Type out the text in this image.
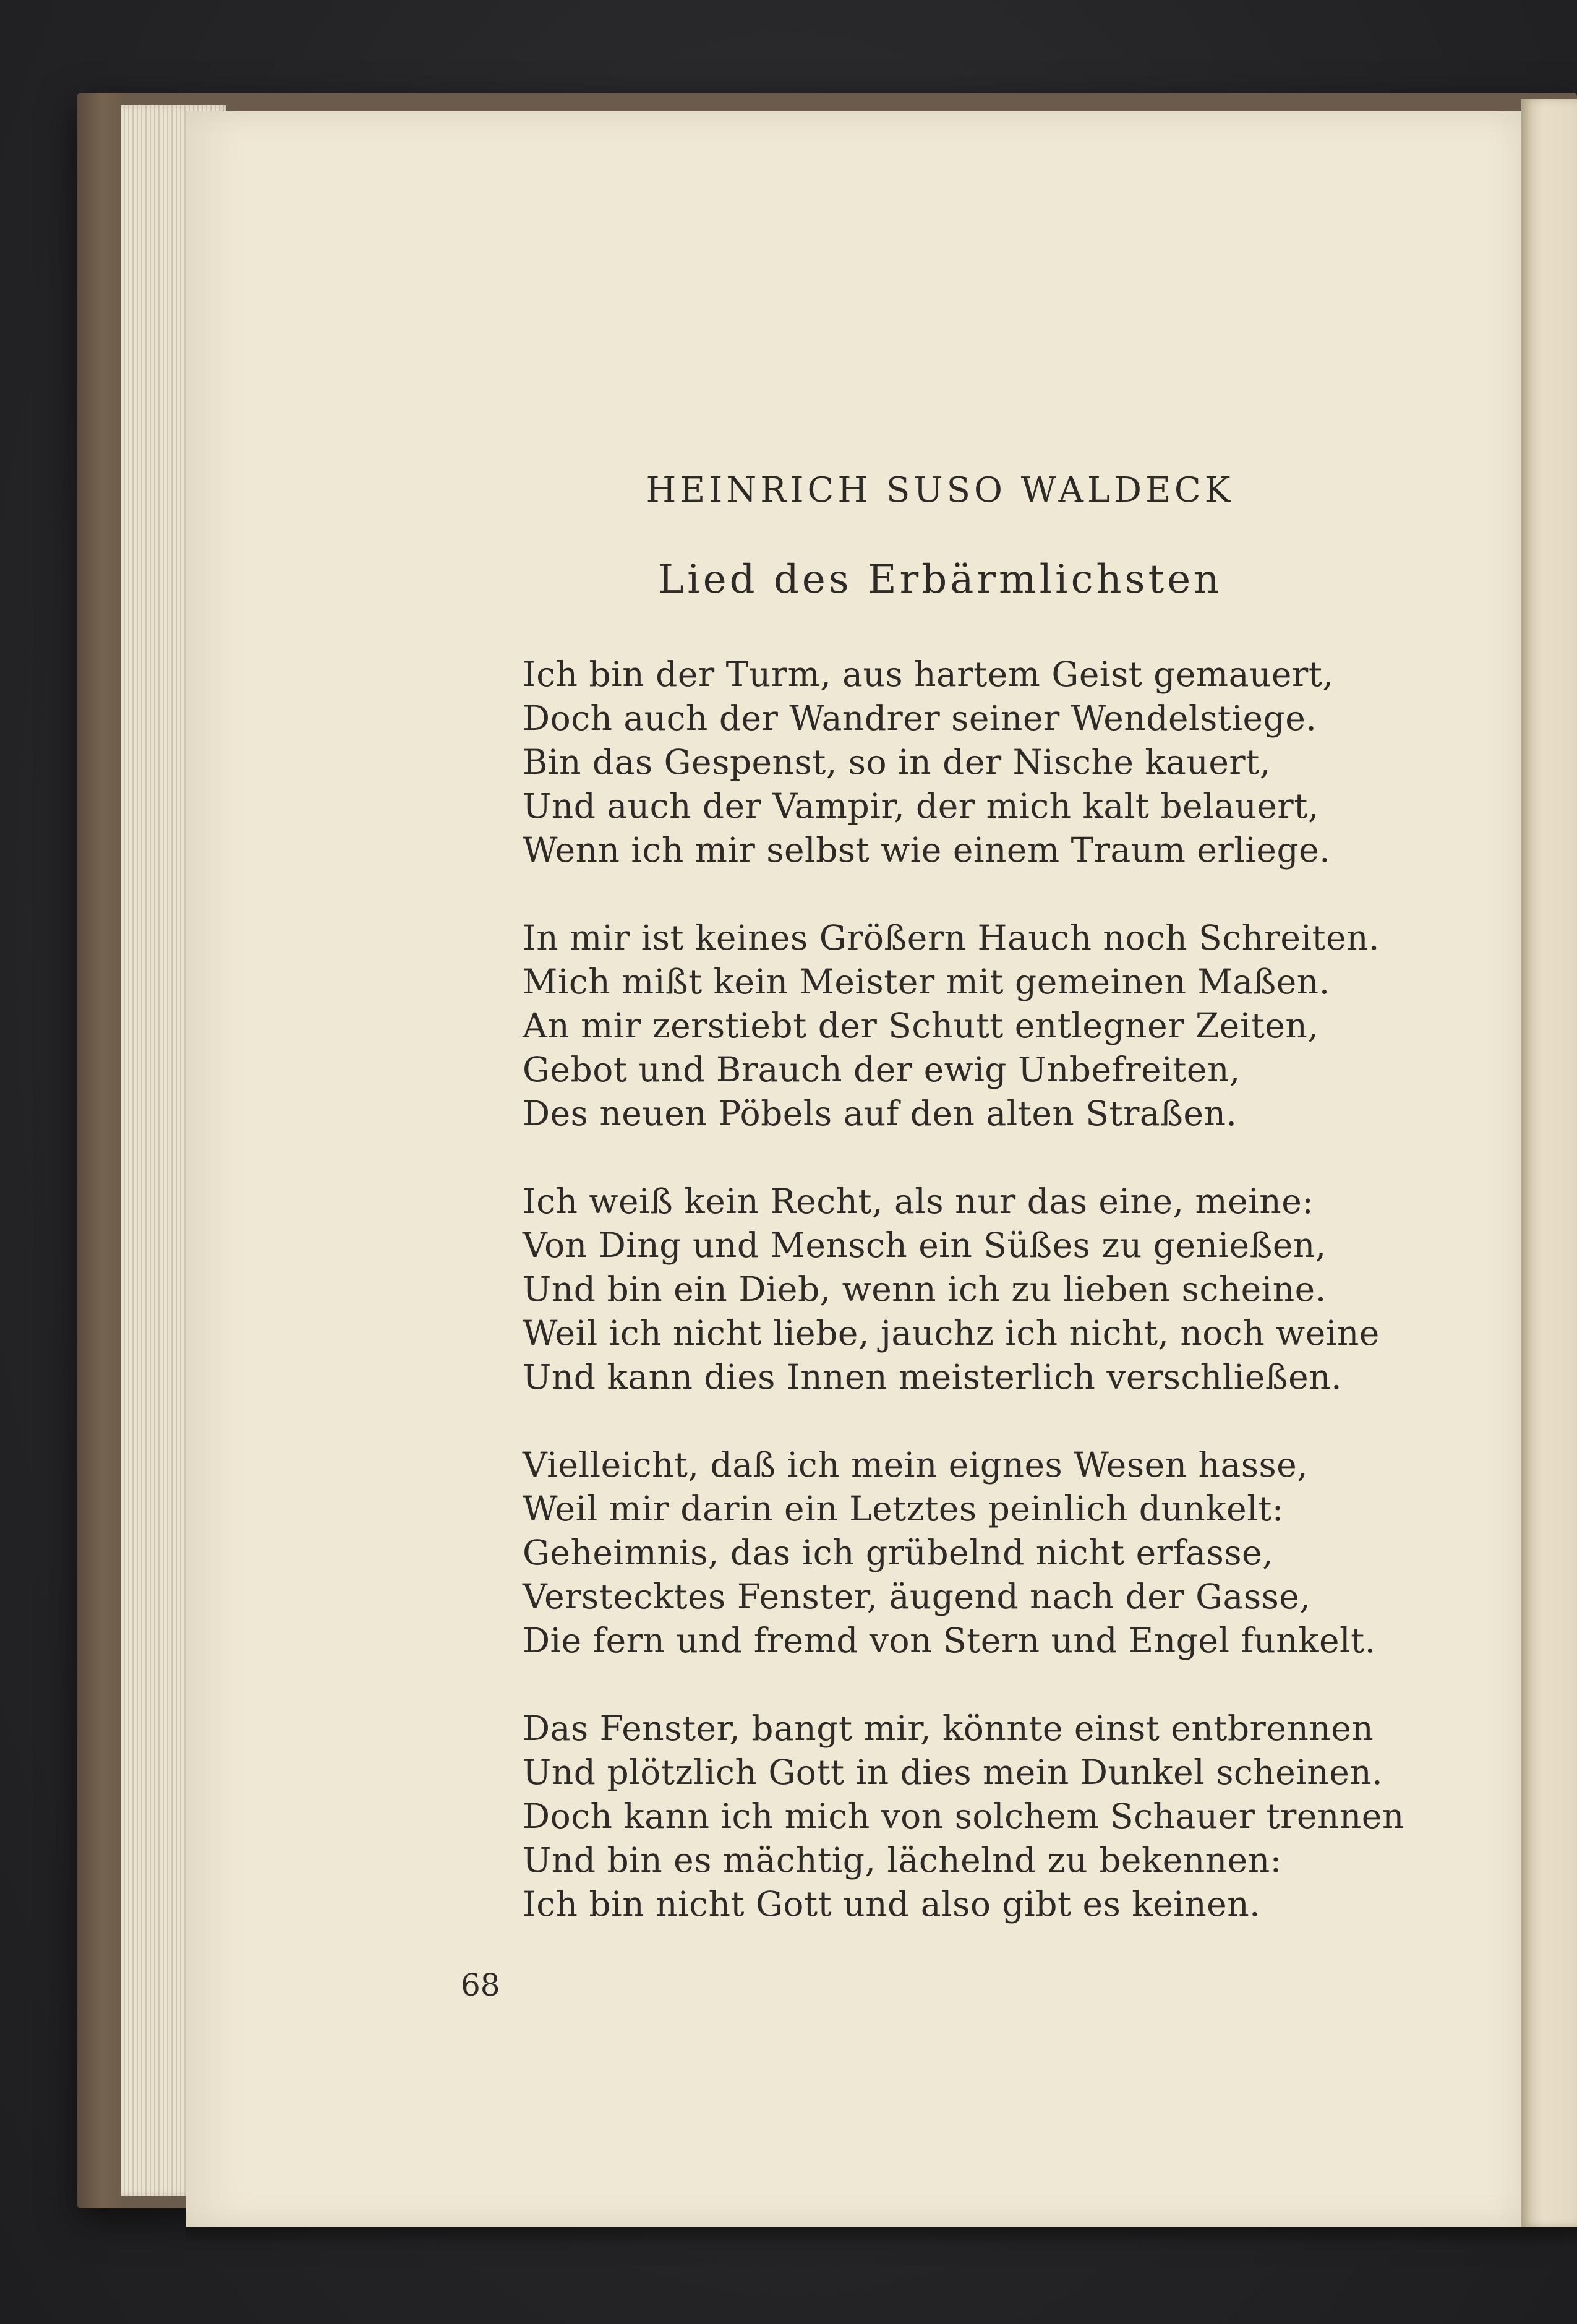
HEINRICH SUSO WALDECK
Lied des Erbärmlichsten
Ich bin der Turm, aus hartem Geist gemauert,
Doch auch der Wandrer seiner Wendelstiege.
Bin das Gespenst, so in der Nische kauert,
Und auch der Vampir, der mich kalt belauert,
Wenn ich mir selbst wie einem Traum erliege.
In mir ist keines Größern Hauch noch Schreiten.
Mich mißt kein Meister mit gemeinen Maßen.
An mir zerstiebt der Schutt entlegner Zeiten,
Gebot und Brauch der ewig Unbefreiten,
Des neuen Pöbels auf den alten Straßen.
Ich weiß kein Recht, als nur das eine, meine:
Von Ding und Mensch ein Süßes zu genießen,
Und bin ein Dieb, wenn ich zu lieben scheine.
Weil ich nicht liebe, jauchz ich nicht, noch weine
Und kann dies Innen meisterlich verschließen.
Vielleicht, daß ich mein eignes Wesen hasse,
Weil mir darin ein Letztes peinlich dunkelt:
Geheimnis, das ich grübelnd nicht erfasse,
Verstecktes Fenster, äugend nach der Gasse,
Die fern und fremd von Stern und Engel funkelt.
Das Fenster, bangt mir, könnte einst entbrennen
Und plötzlich Gott in dies mein Dunkel scheinen.
Doch kann ich mich von solchem Schauer trennen
Und bin es mächtig, lächelnd zu bekennen:
Ich bin nicht Gott und also gibt es keinen.
68
